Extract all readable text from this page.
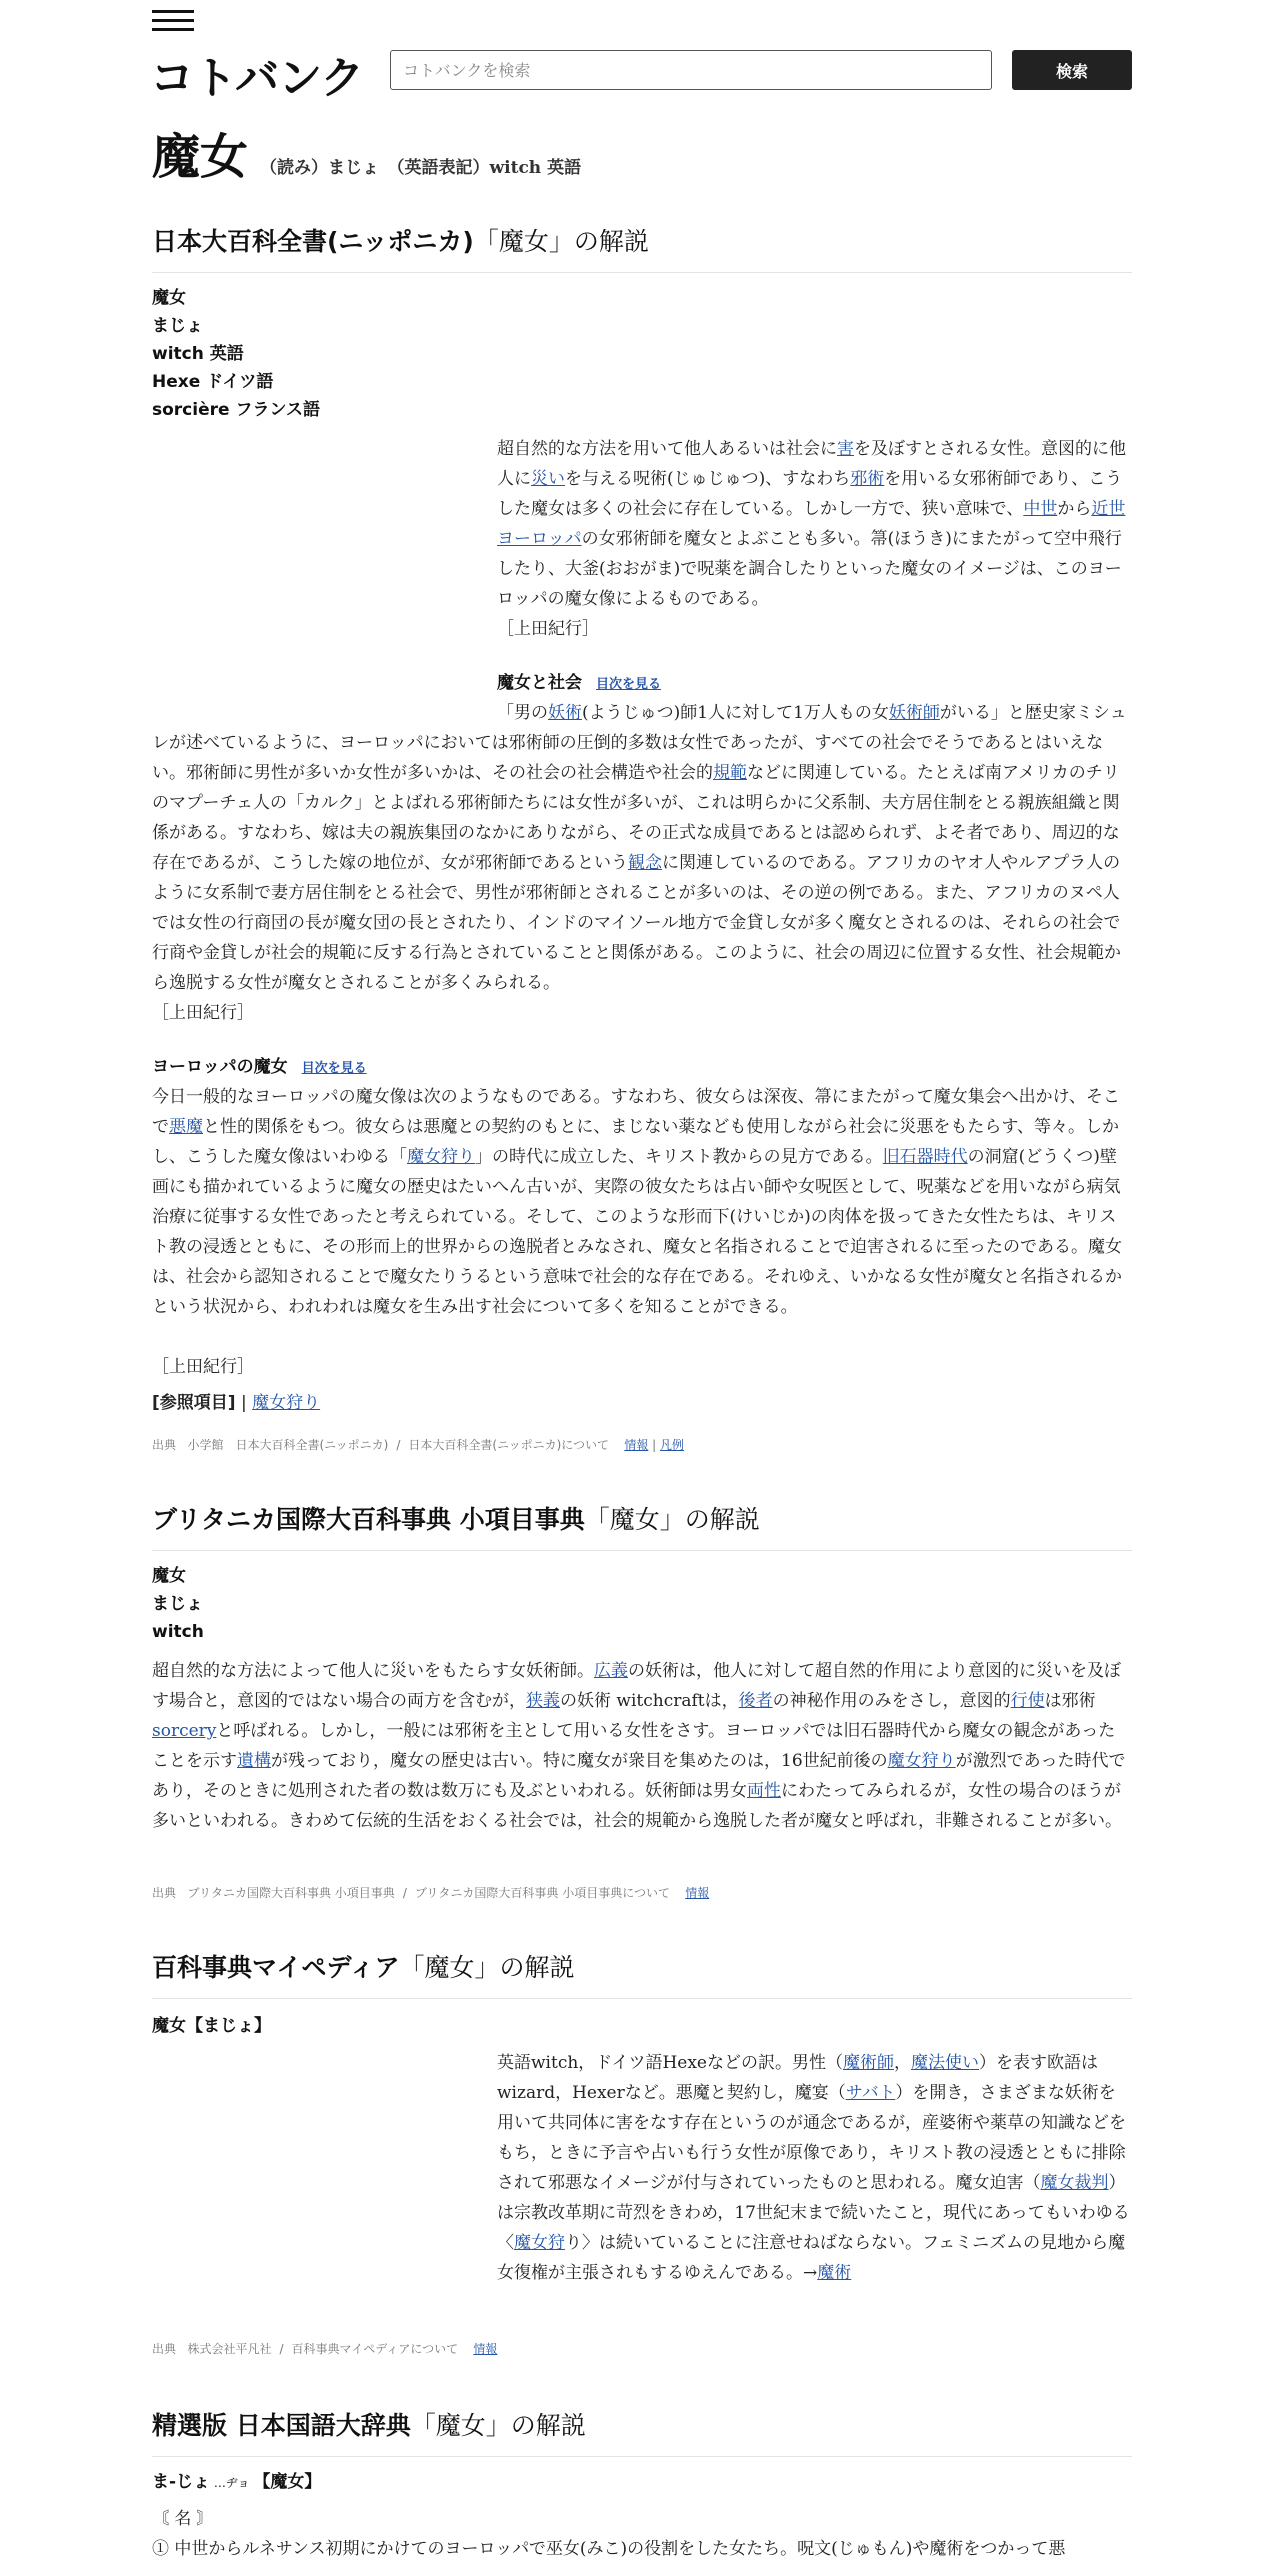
コトバンク
コトバンクを検索	検索
魔女 （読み）まじょ　（英語表記）witch 英語
日本大百科全書(ニッポニカ)「魔女」の解説
魔女
まじょ
witch 英語
Hexe ドイツ語
sorcière フランス語
超自然的な方法を用いて他人あるいは社会に害を及ぼすとされる女性。意図的に他人に災いを与える呪術(じゅじゅつ)、すなわち邪術を用いる女邪術師であり、こうした魔女は多くの社会に存在している。しかし一方で、狭い意味で、中世から近世ヨーロッパの女邪術師を魔女とよぶことも多い。箒(ほうき)にまたがって空中飛行したり、大釜(おおがま)で呪薬を調合したりといった魔女のイメージは、このヨーロッパの魔女像によるものである。
［上田紀行］
魔女と社会 目次を見る
「男の妖術(ようじゅつ)師1人に対して1万人もの女妖術師がいる」と歴史家ミシュレが述べているように、ヨーロッパにおいては邪術師の圧倒的多数は女性であったが、すべての社会でそうであるとはいえない。邪術師に男性が多いか女性が多いかは、その社会の社会構造や社会的規範などに関連している。たとえば南アメリカのチリのマプーチェ人の「カルク」とよばれる邪術師たちには女性が多いが、これは明らかに父系制、夫方居住制をとる親族組織と関係がある。すなわち、嫁は夫の親族集団のなかにありながら、その正式な成員であるとは認められず、よそ者であり、周辺的な存在であるが、こうした嫁の地位が、女が邪術師であるという観念に関連しているのである。アフリカのヤオ人やルアプラ人のように女系制で妻方居住制をとる社会で、男性が邪術師とされることが多いのは、その逆の例である。また、アフリカのヌペ人では女性の行商団の長が魔女団の長とされたり、インドのマイソール地方で金貸し女が多く魔女とされるのは、それらの社会で行商や金貸しが社会的規範に反する行為とされていることと関係がある。このように、社会の周辺に位置する女性、社会規範から逸脱する女性が魔女とされることが多くみられる。
［上田紀行］
ヨーロッパの魔女 目次を見る
今日一般的なヨーロッパの魔女像は次のようなものである。すなわち、彼女らは深夜、箒にまたがって魔女集会へ出かけ、そこで悪魔と性的関係をもつ。彼女らは悪魔との契約のもとに、まじない薬なども使用しながら社会に災悪をもたらす、等々。しかし、こうした魔女像はいわゆる「魔女狩り」の時代に成立した、キリスト教からの見方である。旧石器時代の洞窟(どうくつ)壁画にも描かれているように魔女の歴史はたいへん古いが、実際の彼女たちは占い師や女呪医として、呪薬などを用いながら病気治療に従事する女性であったと考えられている。そして、このような形而下(けいじか)の肉体を扱ってきた女性たちは、キリスト教の浸透とともに、その形而上的世界からの逸脱者とみなされ、魔女と名指されることで迫害されるに至ったのである。魔女は、社会から認知されることで魔女たりうるという意味で社会的な存在である。それゆえ、いかなる女性が魔女と名指されるかという状況から、われわれは魔女を生み出す社会について多くを知ることができる。
［上田紀行］
[参照項目] | 魔女狩り
出典 小学館　日本大百科全書(ニッポニカ) / 日本大百科全書(ニッポニカ)について 情報 | 凡例
ブリタニカ国際大百科事典 小項目事典「魔女」の解説
魔女
まじょ
witch
超自然的な方法によって他人に災いをもたらす女妖術師。広義の妖術は，他人に対して超自然的作用により意図的に災いを及ぼす場合と，意図的ではない場合の両方を含むが，狭義の妖術 witchcraftは，後者の神秘作用のみをさし，意図的行使は邪術 sorceryと呼ばれる。しかし，一般には邪術を主として用いる女性をさす。ヨーロッパでは旧石器時代から魔女の観念があったことを示す遺構が残っており，魔女の歴史は古い。特に魔女が衆目を集めたのは，16世紀前後の魔女狩りが激烈であった時代であり，そのときに処刑された者の数は数万にも及ぶといわれる。妖術師は男女両性にわたってみられるが，女性の場合のほうが多いといわれる。きわめて伝統的生活をおくる社会では，社会的規範から逸脱した者が魔女と呼ばれ，非難されることが多い。
出典 ブリタニカ国際大百科事典 小項目事典 / ブリタニカ国際大百科事典 小項目事典について 情報
百科事典マイペディア「魔女」の解説
魔女【まじょ】
英語witch，ドイツ語Hexeなどの訳。男性（魔術師，魔法使い）を表す欧語はwizard，Hexerなど。悪魔と契約し，魔宴（サバト）を開き，さまざまな妖術を用いて共同体に害をなす存在というのが通念であるが，産婆術や薬草の知識などをもち，ときに予言や占いも行う女性が原像であり，キリスト教の浸透とともに排除されて邪悪なイメージが付与されていったものと思われる。魔女迫害（魔女裁判）は宗教改革期に苛烈をきわめ，17世紀末まで続いたこと，現代にあってもいわゆる〈魔女狩り〉は続いていることに注意せねばならない。フェミニズムの見地から魔女復権が主張されもするゆえんである。→魔術
出典 株式会社平凡社 / 百科事典マイペディアについて 情報
精選版 日本国語大辞典「魔女」の解説
ま‐じょ …ヂョ 【魔女】
〘 名 〙
① 中世からルネサンス初期にかけてのヨーロッパで巫女(みこ)の役割をした女たち。呪文(じゅもん)や魔術をつかって悪
